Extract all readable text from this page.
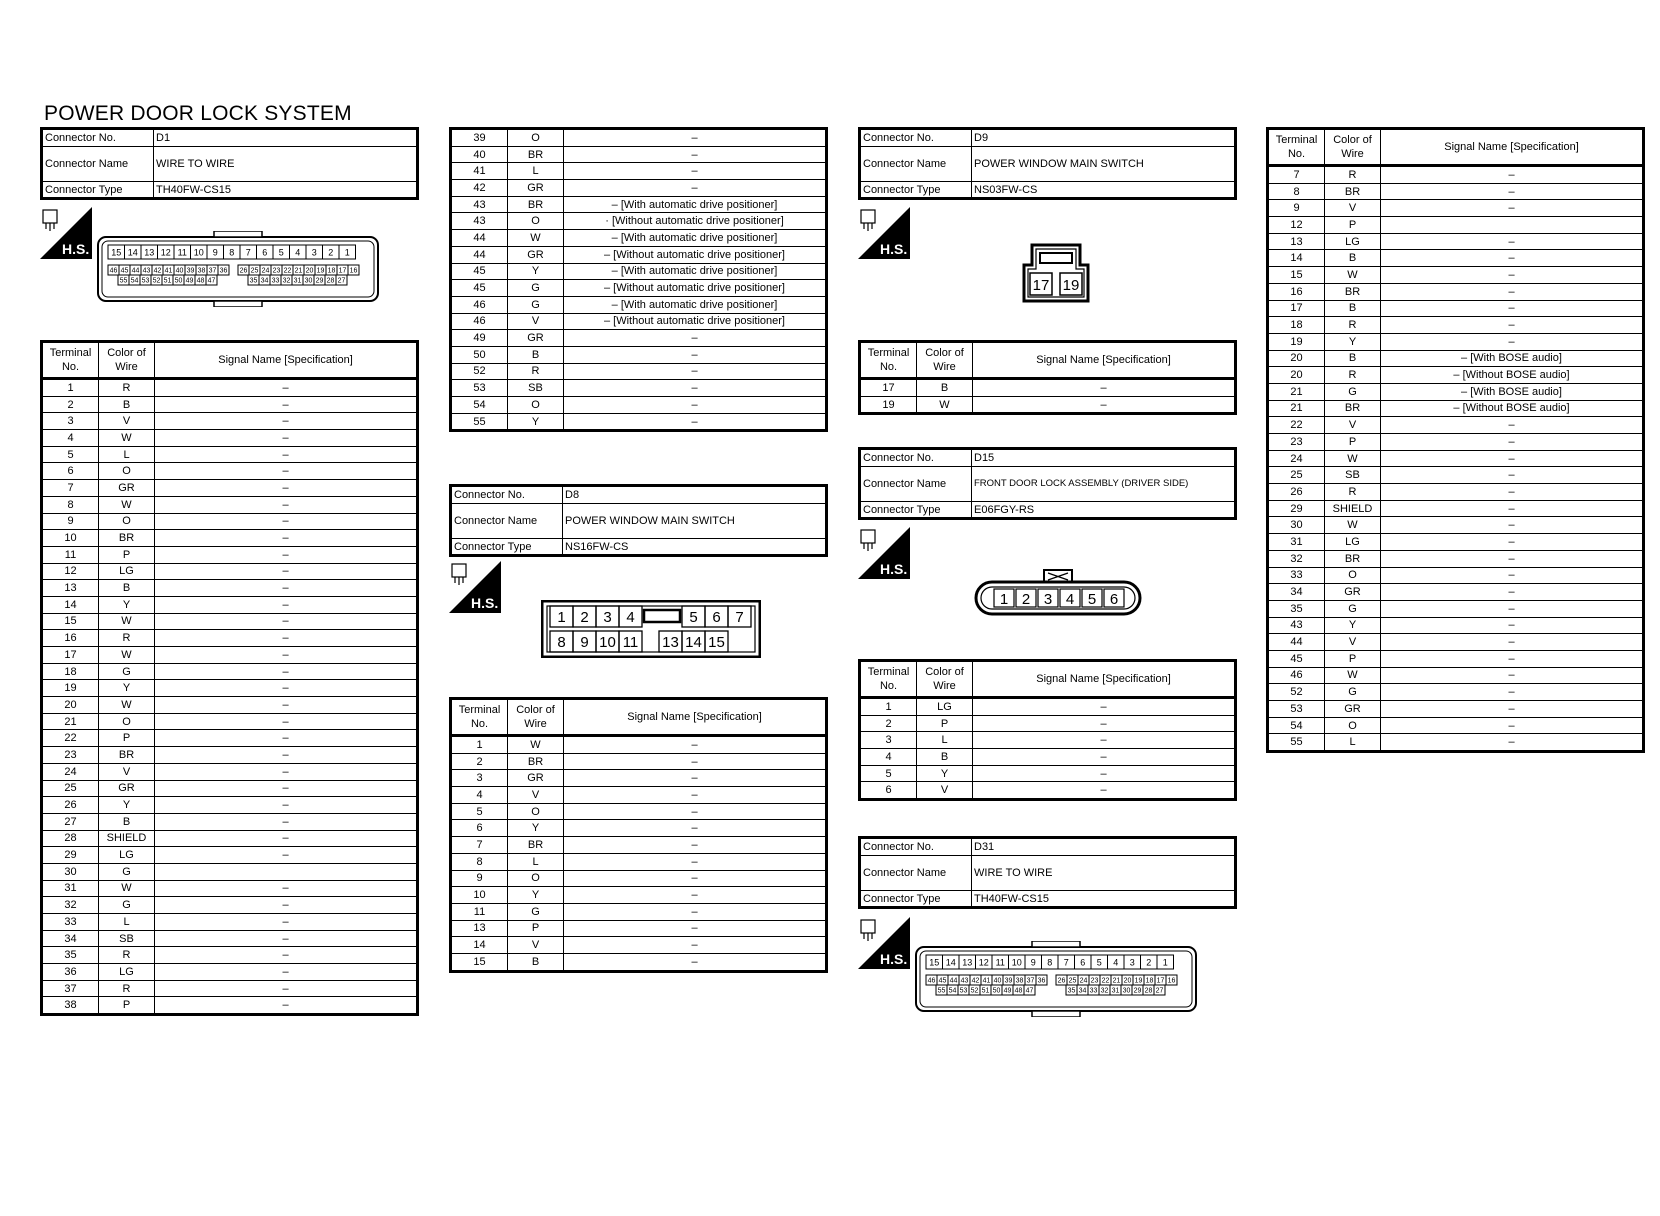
POWER DOOR LOCK SYSTEM
Connector No.	D1
Connector Name	WIRE TO WIRE
Connector Type	TH40FW-CS15
H.S. 15 14 13 12 11 10 9 8 7 6 5 4 3 2 1
46 45 44 43 42 41 40 39 38 37 36 26 25 24 23 22 21 20 19 18 17 16
55 54 53 52 51 50 49 48 47	35 34 33 32 31 30 29 28 27
Terminal No.	Color of Wire	Signal Name [Specification]
1	R	–
2	B	–
3	V	–
4	W	–
5	L	–
6	O	–
7	GR	–
8	W	–
9	O	–
10	BR	–
11	P	–
12	LG	–
13	B	–
14	Y	–
15	W	–
16	R	–
17	W	–
18	G	–
19	Y	–
20	W	–
21	O	–
22	P	–
23	BR	–
24	V	–
25	GR	–
26	Y	–
27	B	–
28	SHIELD	–
29	LG	–
30	G	
31	W	–
32	G	–
33	L	–
34	SB	–
35	R	–
36	LG	–
37	R	–
38	P	–
39	O	–
40	BR	–
41	L	–
42	GR	–
43	BR	– [With automatic drive positioner]
43	O	· [Without automatic drive positioner]
44	W	– [With automatic drive positioner]
44	GR	– [Without automatic drive positioner]
45	Y	– [With automatic drive positioner]
45	G	– [Without automatic drive positioner]
46	G	– [With automatic drive positioner]
46	V	– [Without automatic drive positioner]
49	GR	–
50	B	–
52	R	–
53	SB	–
54	O	–
55	Y	–
Connector No.	D8
Connector Name	POWER WINDOW MAIN SWITCH
Connector Type	NS16FW-CS
H.S.
1 2 3 4	5 6 7
8 9 10 11 13 14 15
Terminal No.	Color of Wire	Signal Name [Specification]
1	W	–
2	BR	–
3	GR	–
4	V	–
5	O	–
6	Y	–
7	BR	–
8	L	–
9	O	–
10	Y	–
11	G	–
13	P	–
14	V	–
15	B	–
Connector No.	D9
Connector Name	POWER WINDOW MAIN SWITCH
Connector Type	NS03FW-CS
H.S.
17 19
Terminal No.	Color of Wire	Signal Name [Specification]
17	B	–
19	W	–
Connector No.	D15
Connector Name	FRONT DOOR LOCK ASSEMBLY (DRIVER SIDE)
Connector Type	E06FGY-RS
H.S.
1 2 3 4 5 6
Terminal No.	Color of Wire	Signal Name [Specification]
1	LG	–
2	P	–
3	L	–
4	B	–
5	Y	–
6	V	–
Connector No.	D31
Connector Name	WIRE TO WIRE
Connector Type	TH40FW-CS15
H.S. 15 14 13 12 11 10 9 8 7 6 5 4 3 2 1
46 45 44 43 42 41 40 39 38 37 36 26 25 24 23 22 21 20 19 18 17 16
55 54 53 52 51 50 49 48 47	35 34 33 32 31 30 29 28 27
Terminal No.	Color of Wire	Signal Name [Specification]
7	R	–
8	BR	–
9	V	–
12	P	
13	LG	–
14	B	–
15	W	–
16	BR	–
17	B	–
18	R	–
19	Y	–
20	B	– [With BOSE audio]
20	R	– [Without BOSE audio]
21	G	– [With BOSE audio]
21	BR	– [Without BOSE audio]
22	V	–
23	P	–
24	W	–
25	SB	–
26	R	–
29	SHIELD	–
30	W	–
31	LG	–
32	BR	–
33	O	–
34	GR	–
35	G	–
43	Y	–
44	V	–
45	P	–
46	W	–
52	G	–
53	GR	–
54	O	–
55	L	–
